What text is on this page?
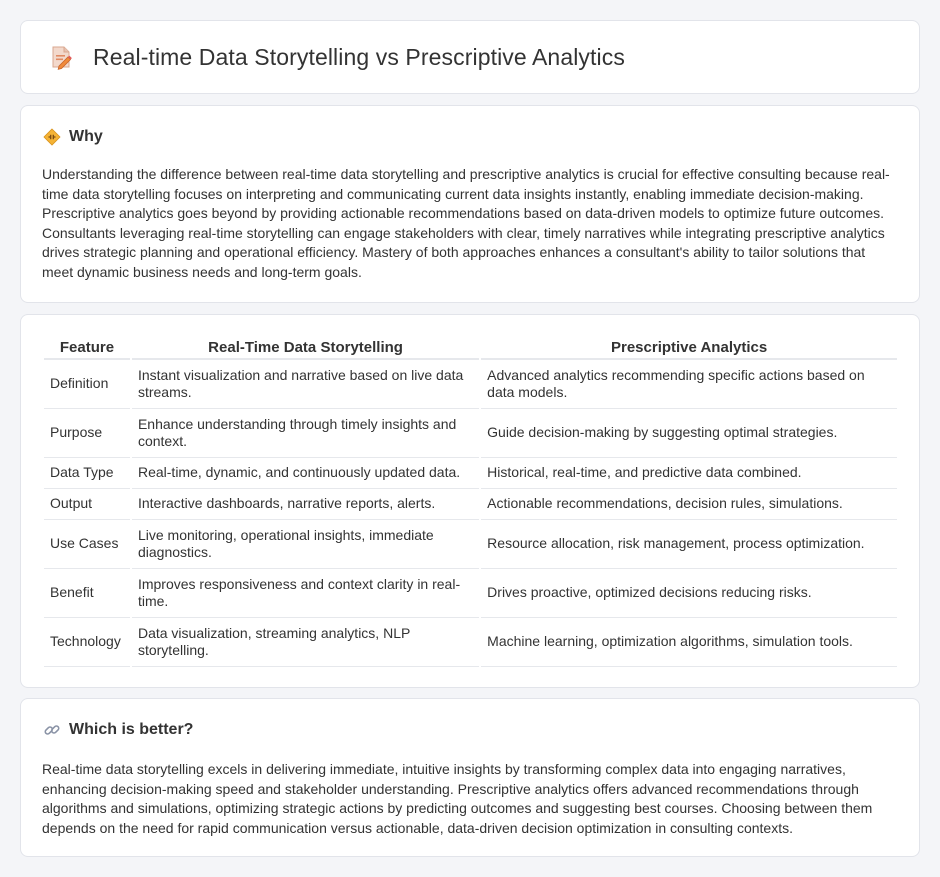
Real-time Data Storytelling vs Prescriptive Analytics
Why

Understanding the difference between real-time data storytelling and prescriptive analytics is crucial for effective consulting because real-time data storytelling focuses on interpreting and communicating current data insights instantly, enabling immediate decision-making. Prescriptive analytics goes beyond by providing actionable recommendations based on data-driven models to optimize future outcomes. Consultants leveraging real-time storytelling can engage stakeholders with clear, timely narratives while integrating prescriptive analytics drives strategic planning and operational efficiency. Mastery of both approaches enhances a consultant's ability to tailor solutions that meet dynamic business needs and long-term goals.

Feature	Real-Time Data Storytelling	Prescriptive Analytics
Definition	Instant visualization and narrative based on live data streams.	Advanced analytics recommending specific actions based on data models.
Purpose	Enhance understanding through timely insights and context.	Guide decision-making by suggesting optimal strategies.
Data Type	Real-time, dynamic, and continuously updated data.	Historical, real-time, and predictive data combined.
Output	Interactive dashboards, narrative reports, alerts.	Actionable recommendations, decision rules, simulations.
Use Cases	Live monitoring, operational insights, immediate diagnostics.	Resource allocation, risk management, process optimization.
Benefit	Improves responsiveness and context clarity in real-time.	Drives proactive, optimized decisions reducing risks.
Technology	Data visualization, streaming analytics, NLP storytelling.	Machine learning, optimization algorithms, simulation tools.
Which is better?

Real-time data storytelling excels in delivering immediate, intuitive insights by transforming complex data into engaging narratives, enhancing decision-making speed and stakeholder understanding. Prescriptive analytics offers advanced recommendations through algorithms and simulations, optimizing strategic actions by predicting outcomes and suggesting best courses. Choosing between them depends on the need for rapid communication versus actionable, data-driven decision optimization in consulting contexts.
